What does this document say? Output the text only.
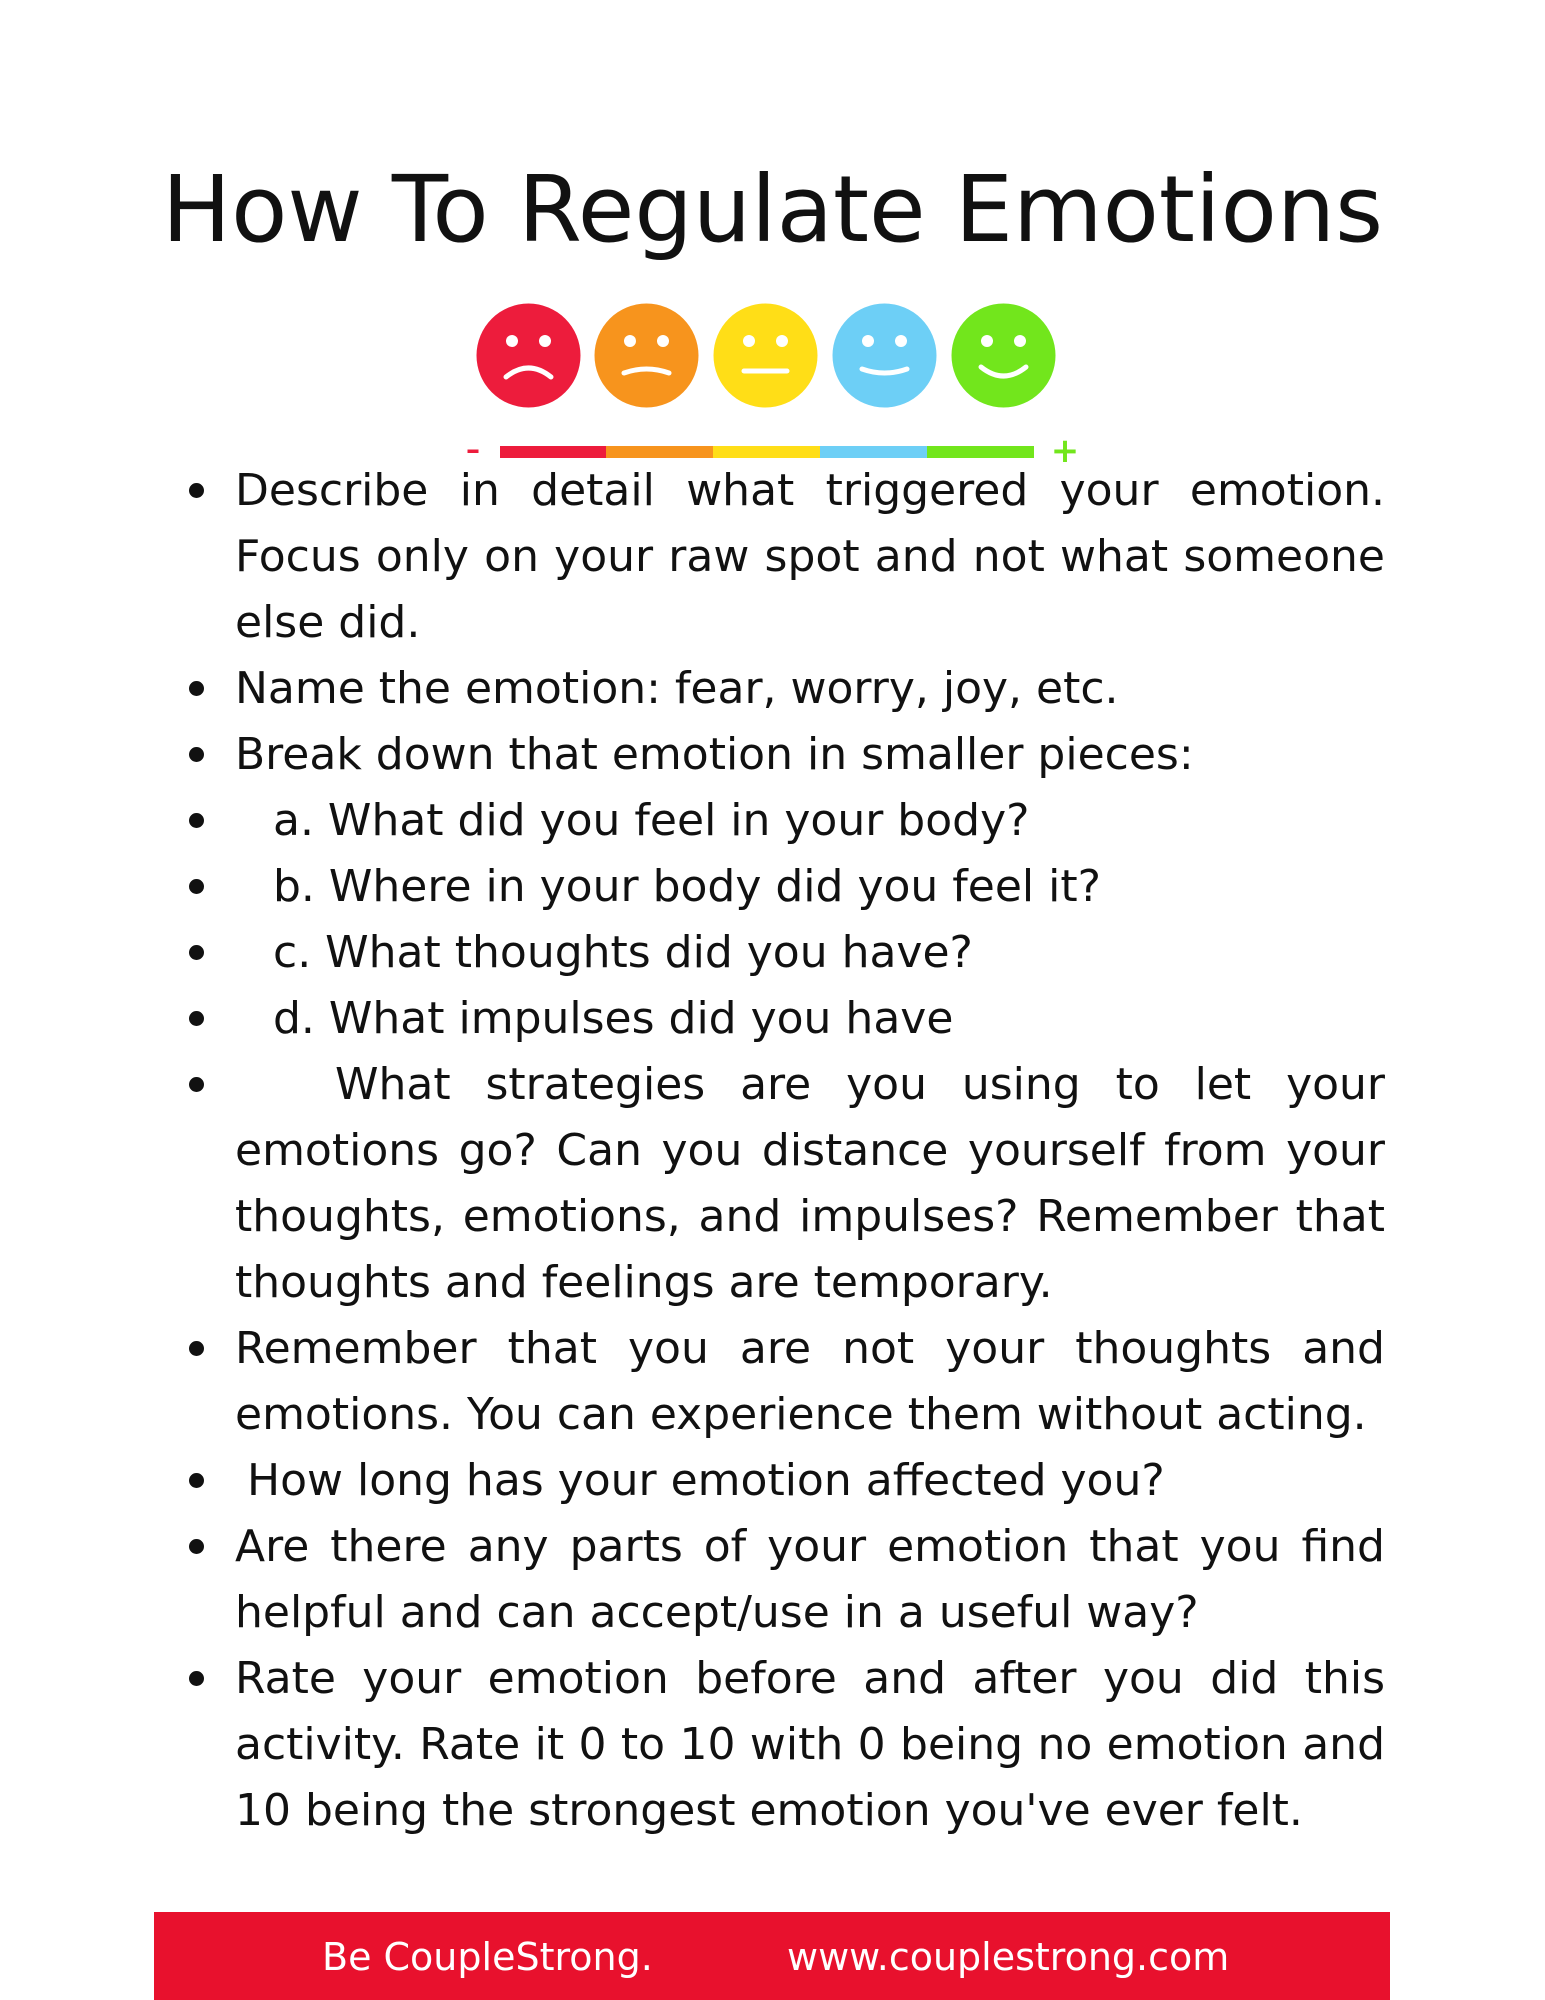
How To Regulate Emotions
–	+
Describe in detail what triggered your emotion. Focus only on your raw spot and not what someone else did.
Name the emotion: fear, worry, joy, etc.
Break down that emotion in smaller pieces:
a. What did you feel in your body?
b. Where in your body did you feel it?
c. What thoughts did you have?
d. What impulses did you have
What strategies are you using to let your emotions go? Can you distance yourself from your thoughts, emotions, and impulses? Remember that thoughts and feelings are temporary.
Remember that you are not your thoughts and emotions. You can experience them without acting.
How long has your emotion affected you?
Are there any parts of your emotion that you find helpful and can accept/use in a useful way?
Rate your emotion before and after you did this activity. Rate it 0 to 10 with 0 being no emotion and 10 being the strongest emotion you've ever felt.
Be CoupleStrong.	www.couplestrong.com
